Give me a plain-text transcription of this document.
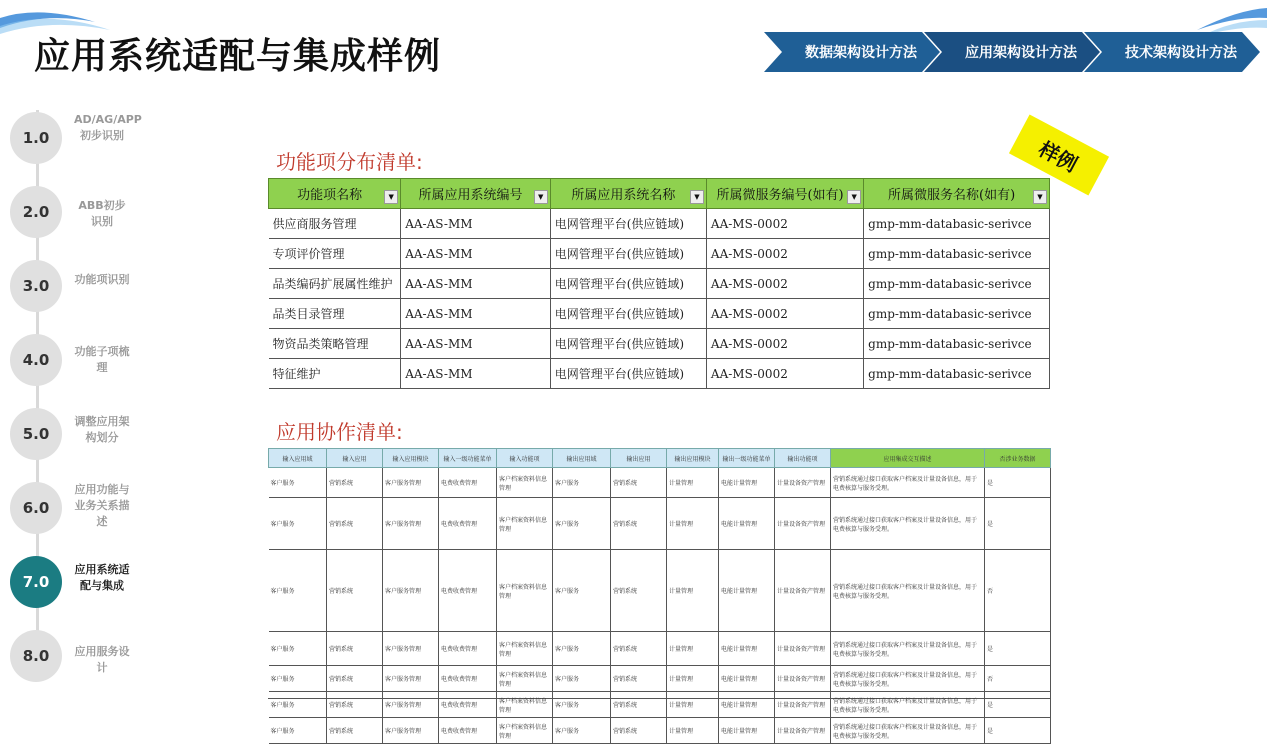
应用系统适配与集成样例	数据架构设计方法	应用架构设计方法	技术架构设计方法
1.0
AD/AG/APP初步识别
2.0	ABB初步识别
3.0	功能项识别
4.0	功能子项梳理
5.0
调整应用架构划分
6.0
应用功能与业务关系描述
7.0
应用系统适配与集成
8.0	应用服务设计
样例
功能项分布清单:
功能项名称 ▼	所属应用系统编号 ▼	所属应用系统名称 ▼	所属微服务编号(如有) ▼	所属微服务名称(如有) ▼

供应商服务管理	AA-AS-MM	电网管理平台(供应链域)	AA-MS-0002	gmp-mm-databasic-serivce
专项评价管理	AA-AS-MM	电网管理平台(供应链域)	AA-MS-0002	gmp-mm-databasic-serivce
品类编码扩展属性维护	AA-AS-MM	电网管理平台(供应链域)	AA-MS-0002	gmp-mm-databasic-serivce
品类目录管理	AA-AS-MM	电网管理平台(供应链域)	AA-MS-0002	gmp-mm-databasic-serivce
物资品类策略管理	AA-AS-MM	电网管理平台(供应链域)	AA-MS-0002	gmp-mm-databasic-serivce
特征维护	AA-AS-MM	电网管理平台(供应链域)	AA-MS-0002	gmp-mm-databasic-serivce
应用协作清单:
输入应用域	输入应用	输入应用模块	输入一级功能菜单	输入功能项	输出应用域	输出应用	输出应用模块	输出一级功能菜单	输出功能项	应用集成交互描述	否涉业务数据
客户服务	营销系统	客户服务管理	电费收费管理	客户档案资料信息管理	客户服务	营销系统	计量管理	电能计量管理	计量设备资产管理	营销系统通过接口获取客户档案及计量设备信息，用于电费核算与服务受理。	是
客户服务	营销系统	客户服务管理	电费收费管理	客户档案资料信息管理	客户服务	营销系统	计量管理	电能计量管理	计量设备资产管理	营销系统通过接口获取客户档案及计量设备信息，用于电费核算与服务受理。	是
客户服务	营销系统	客户服务管理	电费收费管理	客户档案资料信息管理	客户服务	营销系统	计量管理	电能计量管理	计量设备资产管理	营销系统通过接口获取客户档案及计量设备信息，用于电费核算与服务受理。	否
客户服务	营销系统	客户服务管理	电费收费管理	客户档案资料信息管理	客户服务	营销系统	计量管理	电能计量管理	计量设备资产管理	营销系统通过接口获取客户档案及计量设备信息，用于电费核算与服务受理。	是
客户服务	营销系统	客户服务管理	电费收费管理	客户档案资料信息管理	客户服务	营销系统	计量管理	电能计量管理	计量设备资产管理	营销系统通过接口获取客户档案及计量设备信息，用于电费核算与服务受理。	否
客户服务	营销系统	客户服务管理	电费收费管理	客户档案资料信息管理	客户服务	营销系统	计量管理	电能计量管理	计量设备资产管理	营销系统通过接口获取客户档案及计量设备信息，用于电费核算与服务受理。	是
客户服务	营销系统	客户服务管理	电费收费管理	客户档案资料信息管理	客户服务	营销系统	计量管理	电能计量管理	计量设备资产管理	营销系统通过接口获取客户档案及计量设备信息，用于电费核算与服务受理。	是
